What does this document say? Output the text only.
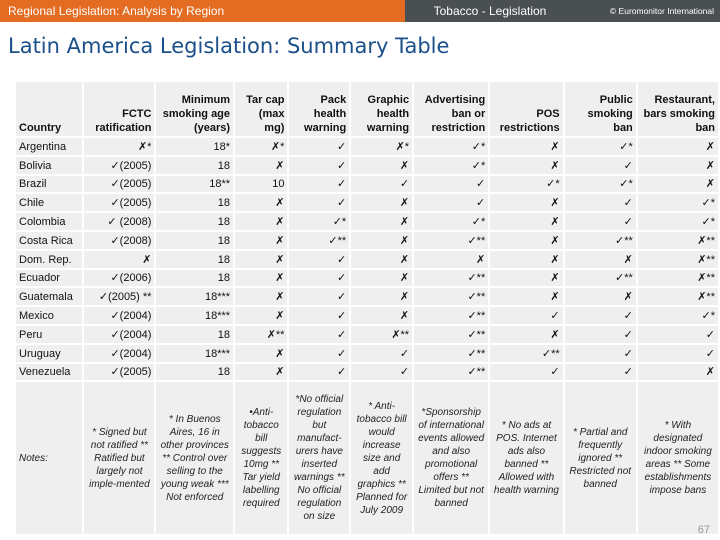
Regional Legislation: Analysis by Region	Tobacco - Legislation	© Euromonitor International
Latin America Legislation: Summary Table
Country	FCTC ratification	Minimum smoking age (years)	Tar cap (max mg)	Pack health warning	Graphic health warning	Advertising ban or restriction	POS restrictions	Public smoking ban	Restaurant, bars smoking ban
Argentina	✗*	18*	✗*	✓	✗*	✓*	✗	✓*	✗
Bolivia	✓(2005)	18	✗	✓	✗	✓*	✗	✓	✗
Brazil	✓(2005)	18**	10	✓	✓	✓	✓*	✓*	✗
Chile	✓(2005)	18	✗	✓	✗	✓	✗	✓	✓*
Colombia	✓ (2008)	18	✗	✓*	✗	✓*	✗	✓	✓*
Costa Rica	✓(2008)	18	✗	✓**	✗	✓**	✗	✓**	✗**
Dom. Rep.	✗	18	✗	✓	✗	✗	✗	✗	✗**
Ecuador	✓(2006)	18	✗	✓	✗	✓**	✗	✓**	✗**
Guatemala	✓(2005) **	18***	✗	✓	✗	✓**	✗	✗	✗**
Mexico	✓(2004)	18***	✗	✓	✗	✓**	✓	✓	✓*
Peru	✓(2004)	18	✗**	✓	✗**	✓**	✗	✓	✓
Uruguay	✓(2004)	18***	✗	✓	✓	✓**	✓**	✓	✓
Venezuela	✓(2005)	18	✗	✓	✓	✓**	✓	✓	✗
Notes:	* Signed but not ratified ** Ratified but largely not imple-mented	* In Buenos Aires, 16 in other provinces ** Control over selling to the young weak *** Not enforced	•Anti-tobacco bill suggests 10mg ** Tar yield labelling required	*No official regulation but manufact-urers have inserted warnings ** No official regulation on size	* Anti-tobacco bill would increase size and add graphics ** Planned for July 2009	*Sponsorship of international events allowed and also promotional offers ** Limited but not banned	* No ads at POS. Internet ads also banned ** Allowed with health warning	* Partial and frequently ignored ** Restricted not banned	* With designated indoor smoking areas ** Some establishments impose bans
67
